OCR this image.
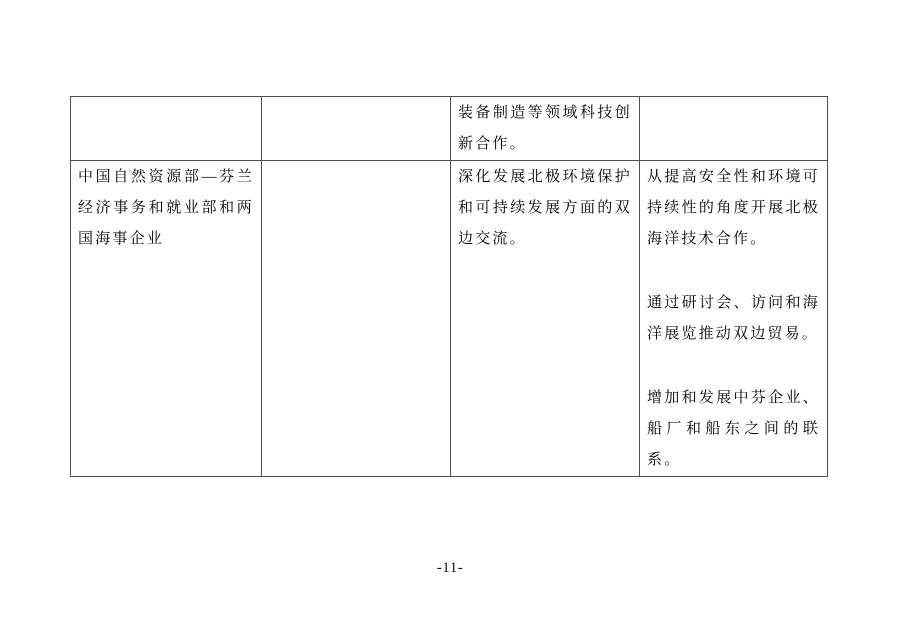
		装备制造等领域科技创新合作。	

中国自然资源部—芬兰经济事务和就业部和两国海事企业		深化发展北极环境保护和可持续发展方面的双边交流。	从提高安全性和环境可持续性的角度开展北极海洋技术合作。

通过研讨会、访问和海洋展览推动双边贸易。

增加和发展中芬企业、船厂和船东之间的联系。

-11-
